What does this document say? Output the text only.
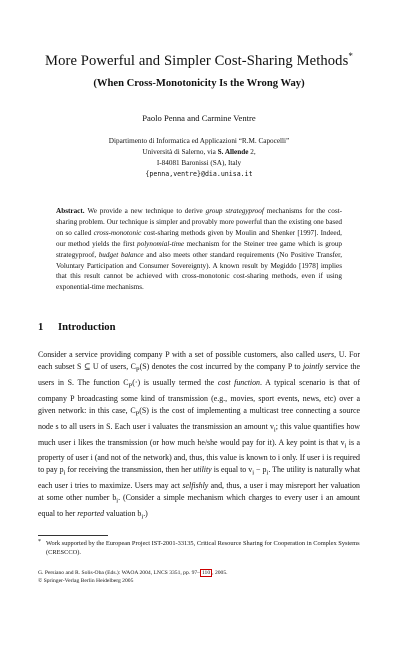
More Powerful and Simpler Cost-Sharing Methods*
(When Cross-Monotonicity Is the Wrong Way)
Paolo Penna and Carmine Ventre
Dipartimento di Informatica ed Applicazioni “R.M. Capocelli”
Università di Salerno, via S. Allende 2,
I-84081 Baronissi (SA), Italy
{penna,ventre}@dia.unisa.it
Abstract. We provide a new technique to derive group strategyproof mechanisms for the cost-sharing problem. Our technique is simpler and provably more powerful than the existing one based on so called cross-monotonic cost-sharing methods given by Moulin and Shenker [1997]. Indeed, our method yields the first polynomial-time mechanism for the Steiner tree game which is group strategyproof, budget balance and also meets other standard requirements (No Positive Transfer, Voluntary Participation and Consumer Sovereignty). A known result by Megiddo [1978] implies that this result cannot be achieved with cross-monotonic cost-sharing methods, even if using exponential-time mechanisms.
1	Introduction
Consider a service providing company P with a set of possible customers, also called users, U. For each subset S ⊆ U of users, $C_P(S)$ denotes the cost incurred by the company P to jointly service the users in S. The function $C_P(\cdot)$ is usually termed the cost function. A typical scenario is that of company P broadcasting some kind of transmission (e.g., movies, sport events, news, etc) over a given network: in this case, $C_P(S)$ is the cost of implementing a multicast tree connecting a source node s to all users in S. Each user i valuates the transmission an amount $v_i$; this value quantifies how much user i likes the transmission (or how much he/she would pay for it). A key point is that $v_i$ is a property of user i (and not of the network) and, thus, this value is known to i only. If user i is required to pay $p_i$ for receiving the transmission, then her utility is equal to $v_i - p_i$. The utility is naturally what each user i tries to maximize. Users may act selfishly and, thus, a user i may misreport her valuation at some other number $b_i$. (Consider a simple mechanism which charges to every user i an amount equal to her reported valuation $b_i$.)
* Work supported by the European Project IST-2001-33135, Critical Resource Sharing for Cooperation in Complex Systems (CRESCCO).
G. Persiano and R. Solis-Oba (Eds.): WAOA 2004, LNCS 3351, pp. 97– 110 , 2005.
© Springer-Verlag Berlin Heidelberg 2005
